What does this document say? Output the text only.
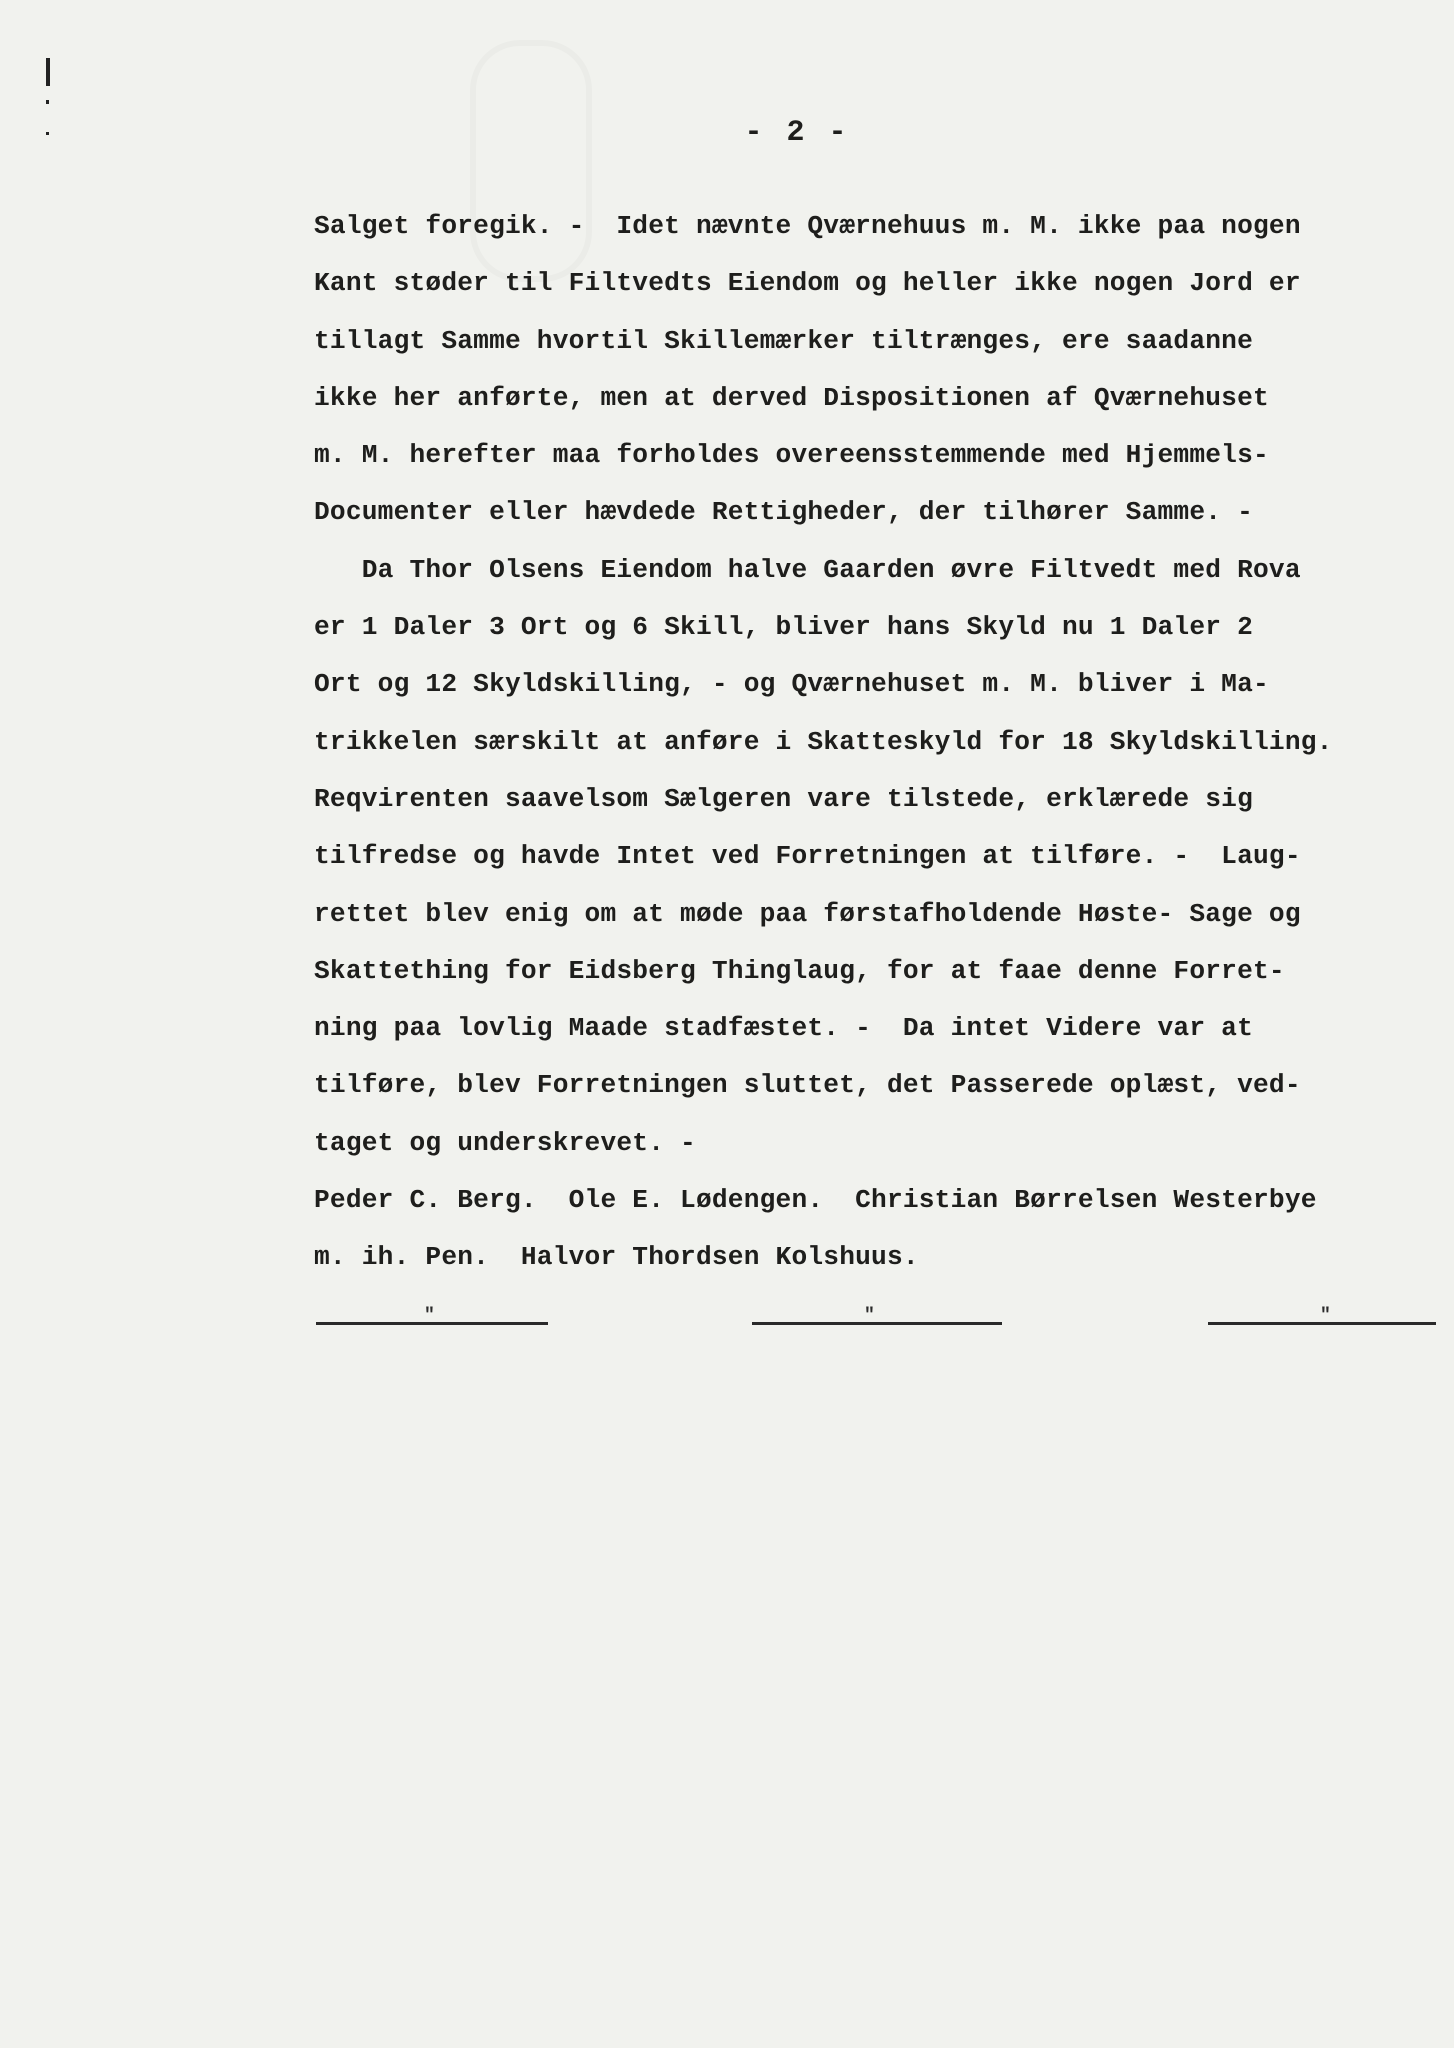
- 2 -
Salget foregik. -  Idet nævnte Qværnehuus m. M. ikke paa nogen
Kant støder til Filtvedts Eiendom og heller ikke nogen Jord er
tillagt Samme hvortil Skillemærker tiltrænges, ere saadanne
ikke her anførte, men at derved Dispositionen af Qværnehuset
m. M. herefter maa forholdes overeensstemmende med Hjemmels-
Documenter eller hævdede Rettigheder, der tilhører Samme. -
Da Thor Olsens Eiendom halve Gaarden øvre Filtvedt med Rova
er 1 Daler 3 Ort og 6 Skill, bliver hans Skyld nu 1 Daler 2
Ort og 12 Skyldskilling, - og Qværnehuset m. M. bliver i Ma-
trikkelen særskilt at anføre i Skatteskyld for 18 Skyldskilling.
Reqvirenten saavelsom Sælgeren vare tilstede, erklærede sig
tilfredse og havde Intet ved Forretningen at tilføre. -  Laug-
rettet blev enig om at møde paa førstafholdende Høste- Sage og
Skattething for Eidsberg Thinglaug, for at faae denne Forret-
ning paa lovlig Maade stadfæstet. -  Da intet Videre var at
tilføre, blev Forretningen sluttet, det Passerede oplæst, ved-
taget og underskrevet. -
Peder C. Berg.  Ole E. Lødengen.  Christian Børrelsen Westerbye
m. ih. Pen.  Halvor Thordsen Kolshuus.
"	"	"
